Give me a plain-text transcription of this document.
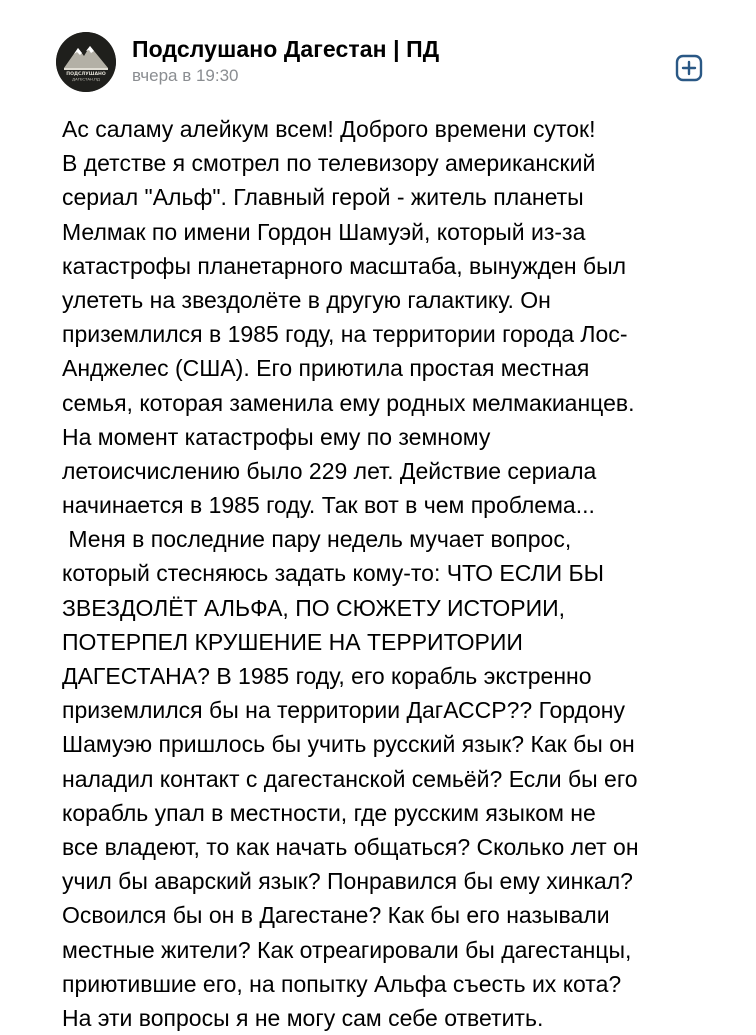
ПОДСЛУШАНО
ДАГЕСТАН.ПД
Подслушано Дагестан | ПД
вчера в 19:30
Ас саламу алейкум всем! Доброго времени суток!
В детстве я смотрел по телевизору американский
сериал "Альф". Главный герой - житель планеты
Мелмак по имени Гордон Шамуэй, который из-за
катастрофы планетарного масштаба, вынужден был
улететь на звездолёте в другую галактику. Он
приземлился в 1985 году, на территории города Лос-
Анджелес (США). Его приютила простая местная
семья, которая заменила ему родных мелмакианцев.
На момент катастрофы ему по земному
летоисчислению было 229 лет. Действие сериала
начинается в 1985 году. Так вот в чем проблема...
Меня в последние пару недель мучает вопрос,
который стесняюсь задать кому-то: ЧТО ЕСЛИ БЫ
ЗВЕЗДОЛЁТ АЛЬФА, ПО СЮЖЕТУ ИСТОРИИ,
ПОТЕРПЕЛ КРУШЕНИЕ НА ТЕРРИТОРИИ
ДАГЕСТАНА? В 1985 году, его корабль экстренно
приземлился бы на территории ДагАССР?? Гордону
Шамуэю пришлось бы учить русский язык? Как бы он
наладил контакт с дагестанской семьёй? Если бы его
корабль упал в местности, где русским языком не
все владеют, то как начать общаться? Сколько лет он
учил бы аварский язык? Понравился бы ему хинкал?
Освоился бы он в Дагестане? Как бы его называли
местные жители? Как отреагировали бы дагестанцы,
приютившие его, на попытку Альфа съесть их кота?
На эти вопросы я не могу сам себе ответить.
